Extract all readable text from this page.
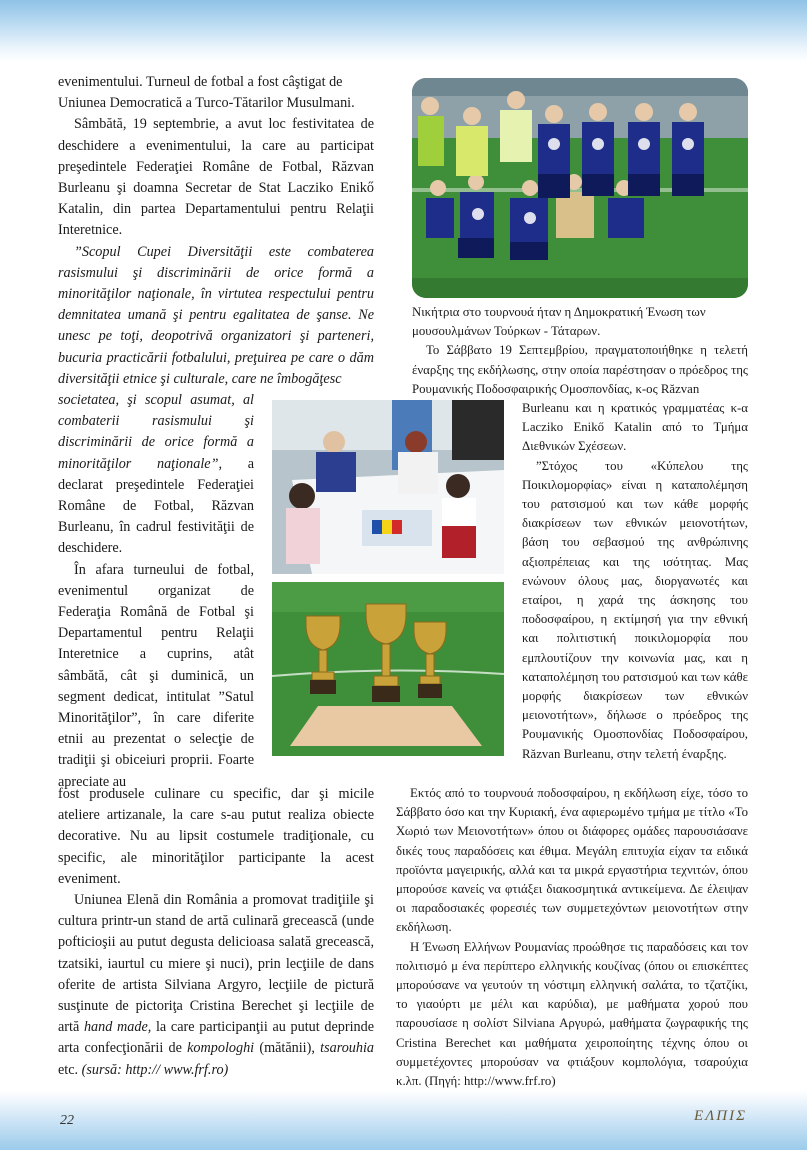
evenimentului. Turneul de fotbal a fost câştigat de

Uniunea Democratică a Turco-Tătarilor Musulmani.

Sâmbătă, 19 septembrie, a avut loc festivitatea de deschidere a evenimentului, la care au participat preşedintele Federaţiei Române de Fotbal, Răzvan Burleanu şi doamna Secretar de Stat Lacziko Enikő Katalin, din partea Departamentului pentru Relaţii Interetnice.

”Scopul Cupei Diversităţii este combaterea rasismului şi discriminării de orice formă a minorităţilor naţionale, în virtutea respectului pentru demnitatea umană şi pentru egalitatea de şanse. Ne unesc pe toţi, deopotrivă organizatori şi parteneri, bucuria practicării fotbalului, preţuirea pe care o dăm diversităţii etnice şi culturale, care ne îmbogăţesc

societatea, şi scopul asumat, al combaterii rasismului şi discriminării de orice formă a minorităţilor naţionale”, a declarat preşedintele Federaţiei Române de Fotbal, Răzvan Burleanu, în cadrul festivităţii de deschidere.

În afara turneului de fotbal, evenimentul organizat de Federaţia Română de Fotbal şi Departamentul pentru Relaţii Interetnice a cuprins, atât sâmbătă, cât şi duminică, un segment dedicat, intitulat ”Satul Minorităţilor”, în care diferite etnii au prezentat o selecţie de tradiţii şi obiceiuri proprii. Foarte apreciate au

fost produsele culinare cu specific, dar şi micile ateliere artizanale, la care s-au putut realiza obiecte decorative. Nu au lipsit costumele tradiţionale, cu specific, ale minorităţilor participante la acest eveniment.

Uniunea Elenă din România a promovat tradiţiile şi cultura printr-un stand de artă culinară grecească (unde pofticioşii au putut degusta delicioasa salată grecească, tzatsiki, iaurtul cu miere şi nuci), prin lecţiile de dans oferite de artista Silviana Argyro, lecţiile de pictură susţinute de pictoriţa Cristina Berechet şi lecţiile de artă hand made, la care participanţii au putut deprinde arta confecţionării de kompologhi (mătănii), tsarouhia etc. (sursă: http:// www.frf.ro)

Νικήτρια στο τουρνουά ήταν η Δημοκρατική Ένωση των μουσουλμάνων Τούρκων - Τάταρων.

Το Σάββατο 19 Σεπτεμβρίου, πραγματοποιήθηκε η τελετή έναρξης της εκδήλωσης, στην οποία παρέστησαν ο πρόεδρος της Ρουμανικής Ποδοσφαιρικής Ομοσπονδίας, κ-ος Răzvan

Burleanu και η κρατικός γραμματέας κ-α Lacziko Enikő Katalin από το Τμήμα Διεθνικών Σχέσεων.

”Στόχος του «Κύπελου της Ποικιλομορφίας» είναι η καταπολέμηση του ρατσισμού και των κάθε μορφής διακρίσεων των εθνικών μειονοτήτων, βάση του σεβασμού της ανθρώπινης αξιοπρέπειας και της ισότητας. Μας ενώνουν όλους μας, διοργανωτές και εταίροι, η χαρά της άσκησης του ποδοσφαίρου, η εκτίμησή για την εθνική και πολιτιστική ποικιλομορφία που εμπλουτίζουν την κοινωνία μας, και η καταπολέμηση του ρατσισμού και των κάθε μορφής διακρίσεων των εθνικών μειονοτήτων», δήλωσε ο πρόεδρος της Ρουμανικής Ομοσπονδίας Ποδοσφαίρου, Răzvan Burleanu, στην τελετή έναρξης.

Εκτός από το τουρνουά ποδοσφαίρου, η εκδήλωση είχε, τόσο το Σάββατο όσο και την Κυριακή, ένα αφιερωμένο τμήμα με τίτλο «Το Χωριό των Μειονοτήτων» όπου οι διάφορες ομάδες παρουσιάσανε δικές τους παραδόσεις και έθιμα. Μεγάλη επιτυχία είχαν τα ειδικά προϊόντα μαγειρικής, αλλά και τα μικρά εργαστήρια τεχνιτών, όπου μπορούσε κανείς να φτιάξει διακοσμητικά αντικείμενα. Δε έλειψαν οι παραδοσιακές φορεσιές των συμμετεχόντων μειονοτήτων στην εκδήλωση.

Η Ένωση Ελλήνων Ρουμανίας προώθησε τις παραδόσεις και τον πολιτισμό μ ένα περίπτερο ελληνικής κουζίνας (όπου οι επισκέπτες μπορούσανε να γευτούν τη νόστιμη ελληνική σαλάτα, το τζατζίκι, το γιαούρτι με μέλι και καρύδια), με μαθήματα χορού που παρουσίασε η σολίστ Silviana Αργυρώ, μαθήματα ζωγραφικής της Cristina Berechet και μαθήματα χειροποίητης τέχνης όπου οι συμμετέχοντες μπορούσαν να φτιάξουν κομπολόγια, τσαρούχια κ.λπ. (Πηγή: http://www.frf.ro)

22	ΕΛΠΙΣ
